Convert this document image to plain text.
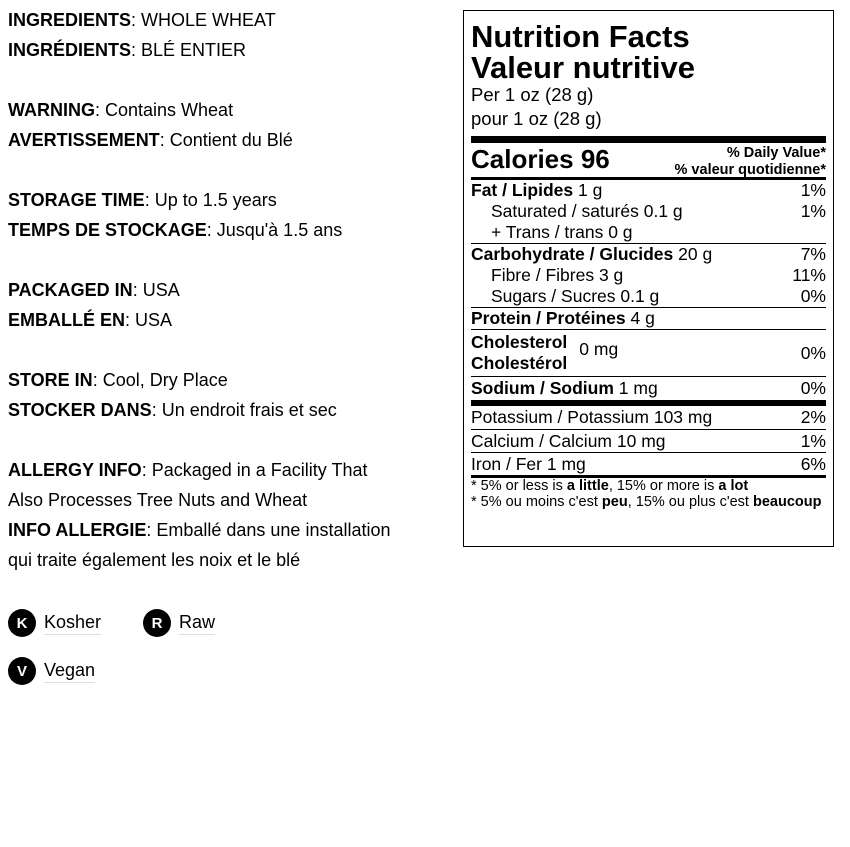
INGREDIENTS: WHOLE WHEAT
INGRÉDIENTS: BLÉ ENTIER
WARNING: Contains Wheat
AVERTISSEMENT: Contient du Blé
STORAGE TIME: Up to 1.5 years
TEMPS DE STOCKAGE: Jusqu'à 1.5 ans
PACKAGED IN: USA
EMBALLÉ EN: USA
STORE IN: Cool, Dry Place
STOCKER DANS: Un endroit frais et sec
ALLERGY INFO: Packaged in a Facility That
Also Processes Tree Nuts and Wheat
INFO ALLERGIE: Emballé dans une installation
qui traite également les noix et le blé
K Kosher	R Raw
V Vegan
Nutrition Facts
Valeur nutritive
Per 1 oz (28 g)
pour 1 oz (28 g)
Calories 96	% Daily Value*
% valeur quotidienne*
Fat / Lipides 1 g	1%
Saturated / saturés 0.1 g	1%
+ Trans / trans 0 g
Carbohydrate / Glucides 20 g	7%
Fibre / Fibres 3 g	11%
Sugars / Sucres 0.1 g	0%
Protein / Protéines 4 g
Cholesterol
Cholestérol
0 mg	0%
Sodium / Sodium 1 mg	0%
Potassium / Potassium 103 mg	2%
Calcium / Calcium 10 mg	1%
Iron / Fer 1 mg	6%
* 5% or less is a little, 15% or more is a lot
* 5% ou moins c'est peu, 15% ou plus c'est beaucoup
